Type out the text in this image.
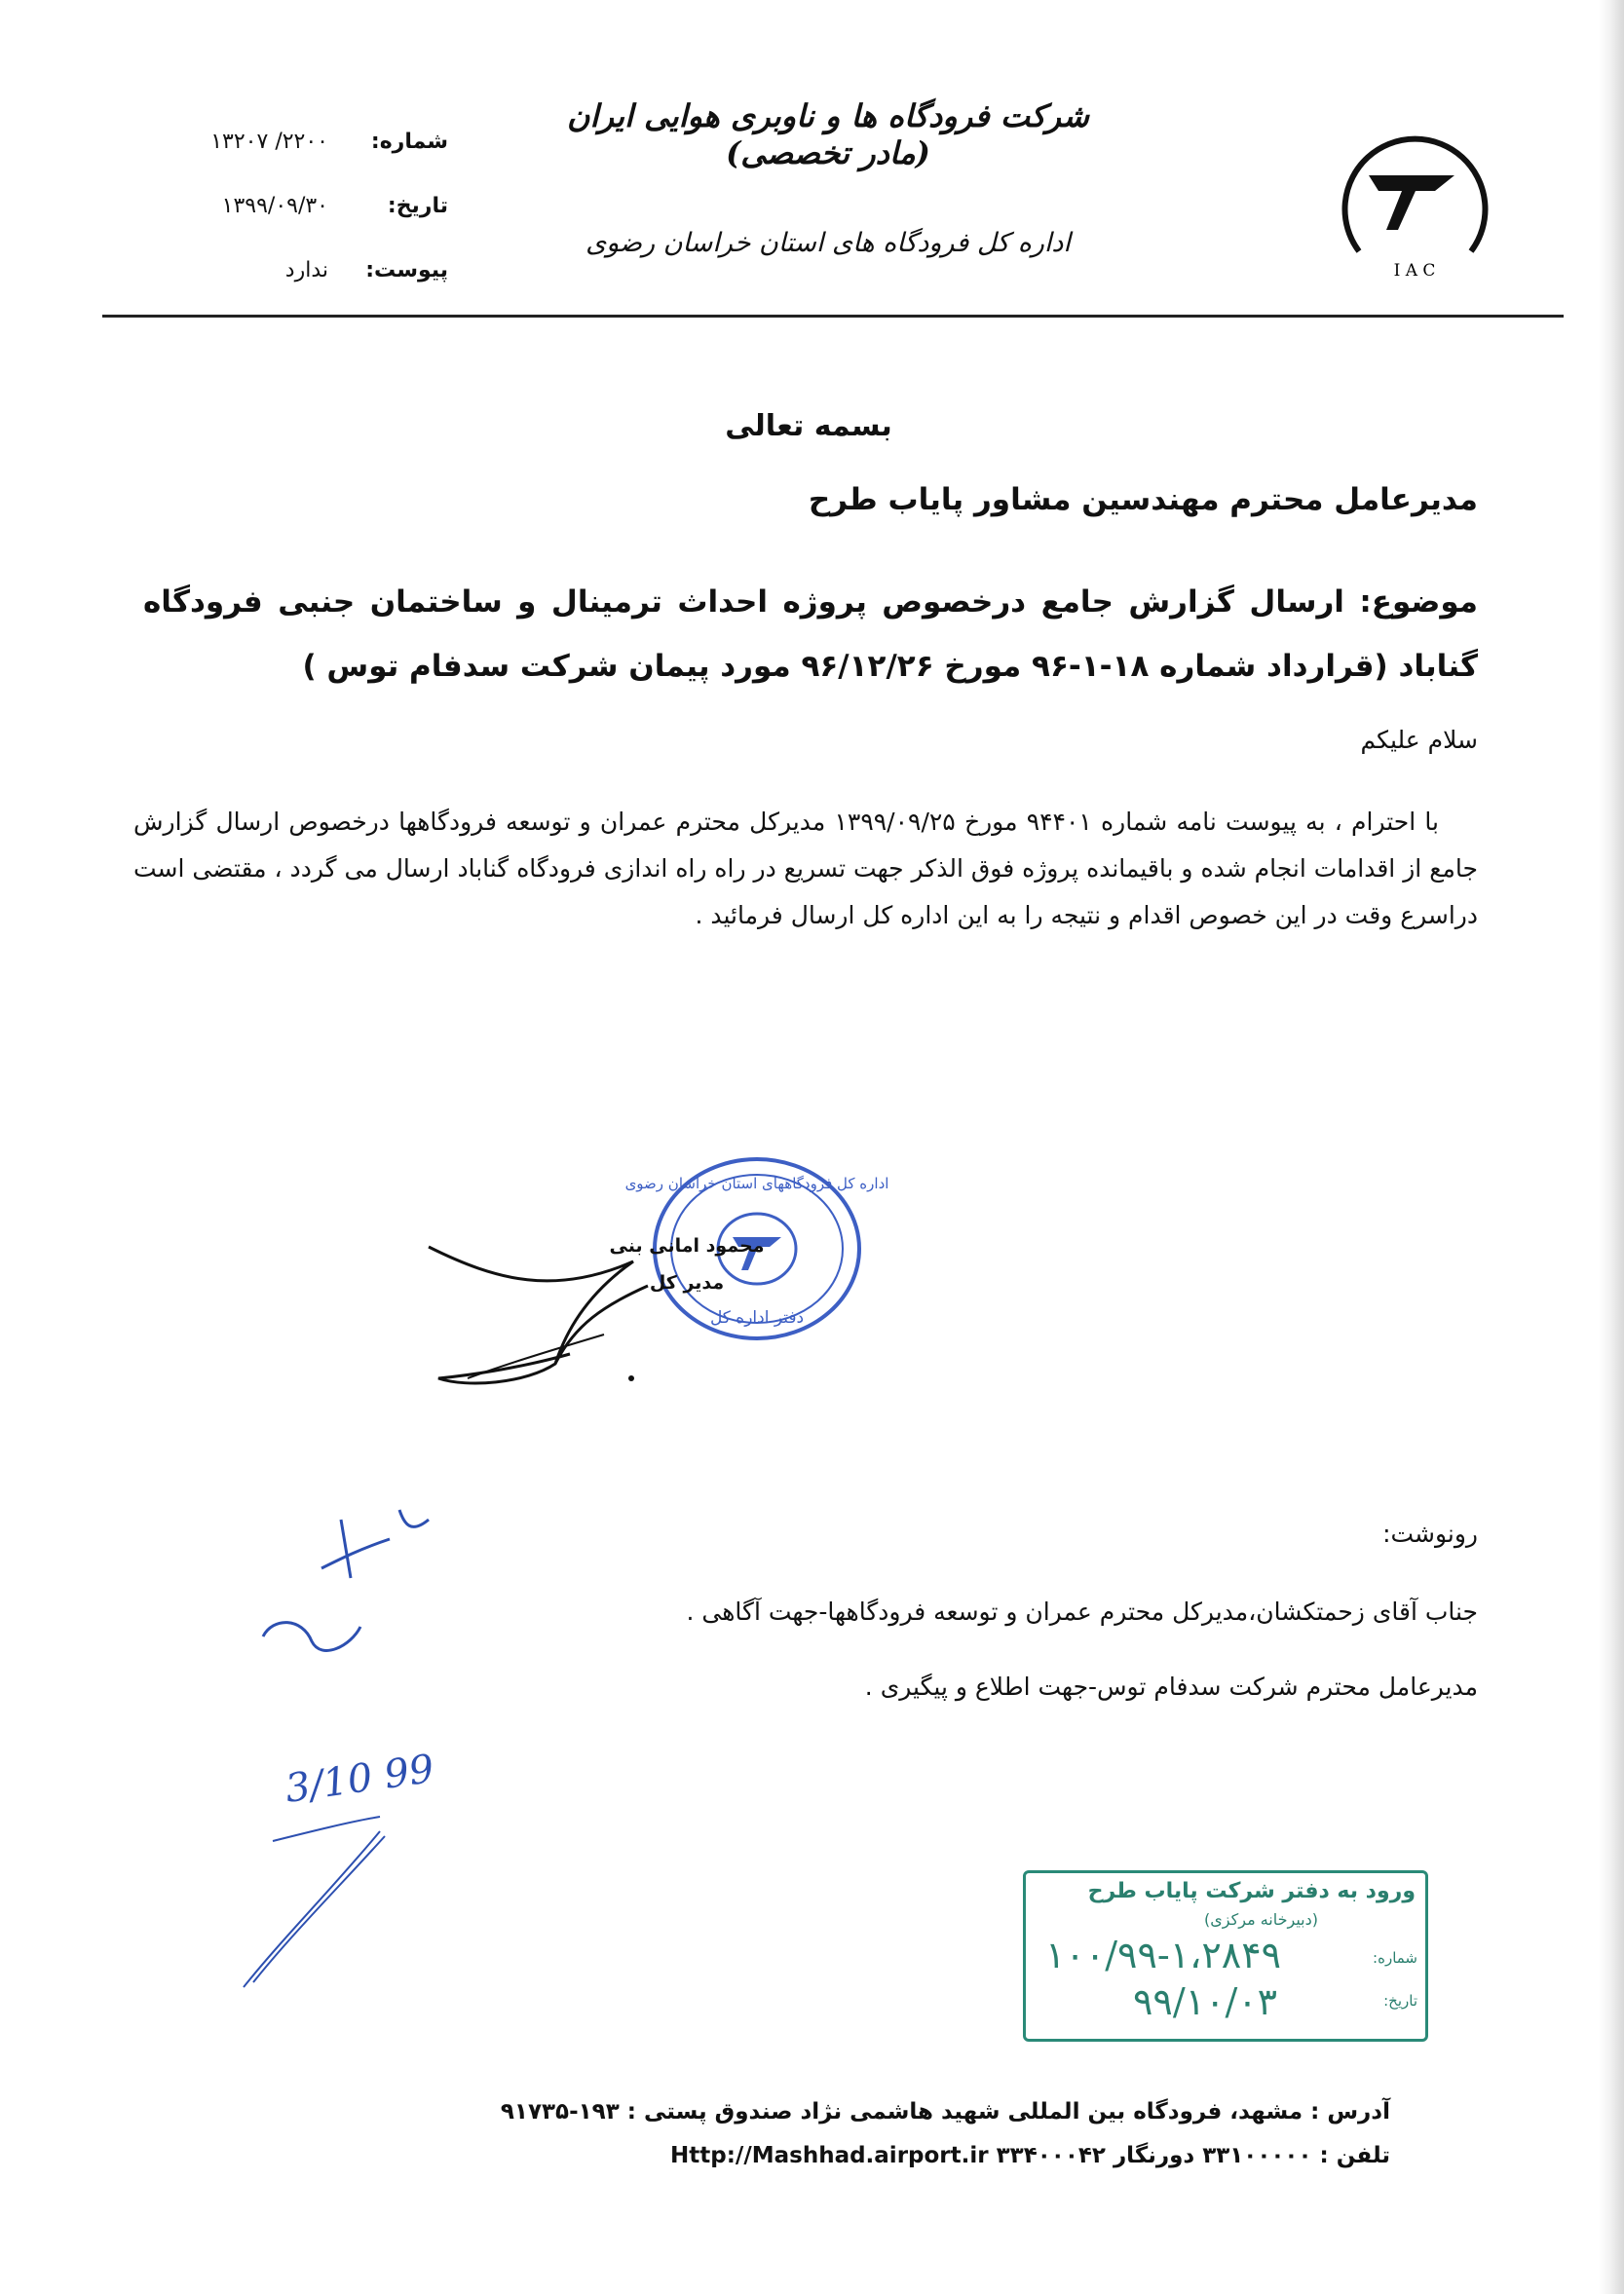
شماره:
۲۲۰۰/ ۱۳۲۰۷
تاریخ:
۱۳۹۹/۰۹/۳۰
پیوست:
ندارد
شرکت فرودگاه ها و ناوبری هوایی ایران (مادر تخصصی)
اداره کل فرودگاه های استان خراسان رضوی
I A C
بسمه تعالی
مدیرعامل محترم مهندسین مشاور پایاب طرح
موضوع: ارسال گزارش جامع درخصوص پروژه احداث ترمینال و ساختمان جنبی فرودگاه گناباد (قرارداد شماره ۱۸-۱-۹۶ مورخ ۹۶/۱۲/۲۶ مورد پیمان شرکت سدفام توس )
سلام علیکم
با احترام ، به پیوست نامه شماره ۹۴۴۰۱ مورخ ۱۳۹۹/۰۹/۲۵ مدیرکل محترم عمران و توسعه فرودگاهها درخصوص ارسال گزارش جامع از اقدامات انجام شده و باقیمانده پروژه فوق الذکر جهت تسریع در راه راه اندازی فرودگاه گناباد ارسال می گردد ، مقتضی است دراسرع وقت در این خصوص اقدام و نتیجه را به این اداره کل ارسال فرمائید .
اداره کل فرودگاههای استان خراسان رضوی
دفتر اداره کل
محمود امانی بنی
مدیر کل
3/10 99
رونوشت:
جناب آقای زحمتکشان،مدیرکل محترم عمران و توسعه فرودگاهها-جهت آگاهی .
مدیرعامل محترم شرکت سدفام توس-جهت اطلاع و پیگیری .
ورود به دفتر شرکت پایاب طرح
(دبیرخانه مرکزی)
شماره:
تاریخ:
۱۰۰/۹۹-۱،۲۸۴۹
۹۹/۱۰/۰۳
آدرس : مشهد، فرودگاه بین المللی شهید هاشمی نژاد صندوق پستی : ۱۹۳-۹۱۷۳۵
تلفن : ۳۳۱۰۰۰۰۰ دورنگار ۳۳۴۰۰۰۴۲ Http://Mashhad.airport.ir
